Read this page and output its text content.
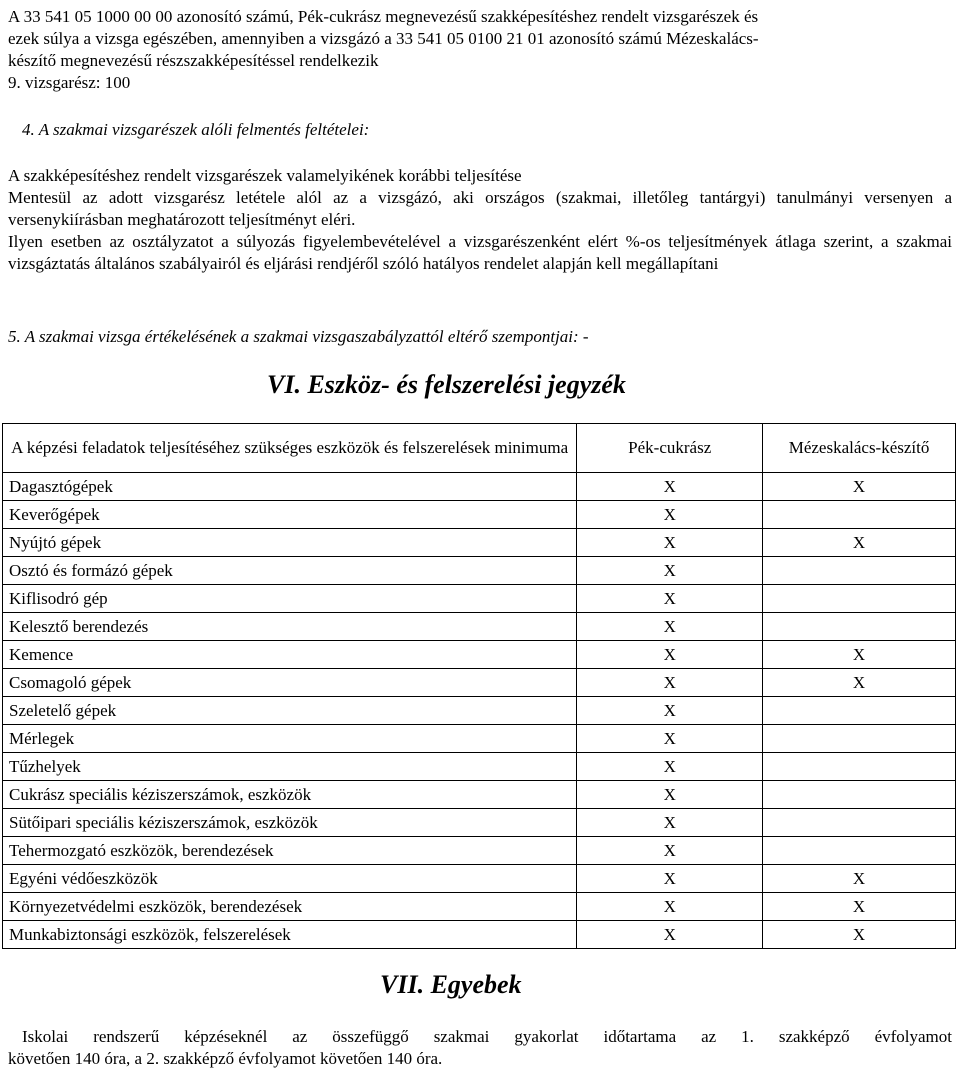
A 33 541 05 1000 00 00 azonosító számú, Pék-cukrász megnevezésű szakképesítéshez rendelt vizsgarészek és

ezek súlya a vizsga egészében, amennyiben a vizsgázó a 33 541 05 0100 21 01 azonosító számú Mézeskalács-

készítő megnevezésű részszakképesítéssel rendelkezik

9. vizsgarész: 100

4. A szakmai vizsgarészek alóli felmentés feltételei:

A szakképesítéshez rendelt vizsgarészek valamelyikének korábbi teljesítése

Mentesül az adott vizsgarész letétele alól az a vizsgázó, aki országos (szakmai, illetőleg tantárgyi) tanulmányi versenyen a versenykiírásban meghatározott teljesítményt eléri.

Ilyen esetben az osztályzatot a súlyozás figyelembevételével a vizsgarészenként elért %-os teljesítmények átlaga szerint, a szakmai vizsgáztatás általános szabályairól és eljárási rendjéről szóló hatályos rendelet alapján kell megállapítani

5. A szakmai vizsga értékelésének a szakmai vizsgaszabályzattól eltérő szempontjai: -

VI. Eszköz- és felszerelési jegyzék
A képzési feladatok teljesítéséhez szükséges eszközök és felszerelések minimuma	Pék-cukrász	Mézeskalács-készítő
Dagasztógépek	X	X
Keverőgépek	X	
Nyújtó gépek	X	X
Osztó és formázó gépek	X	
Kiflisodró gép	X	
Kelesztő berendezés	X	
Kemence	X	X
Csomagoló gépek	X	X
Szeletelő gépek	X	
Mérlegek	X	
Tűzhelyek	X	
Cukrász speciális kéziszerszámok, eszközök	X	
Sütőipari speciális kéziszerszámok, eszközök	X	
Tehermozgató eszközök, berendezések	X	
Egyéni védőeszközök	X	X
Környezetvédelmi eszközök, berendezések	X	X
Munkabiztonsági eszközök, felszerelések	X	X
VII. Egyebek

Iskolai rendszerű képzéseknél az összefüggő szakmai gyakorlat időtartama az 1. szakképző évfolyamot

követően 140 óra, a 2. szakképző évfolyamot követően 140 óra.
